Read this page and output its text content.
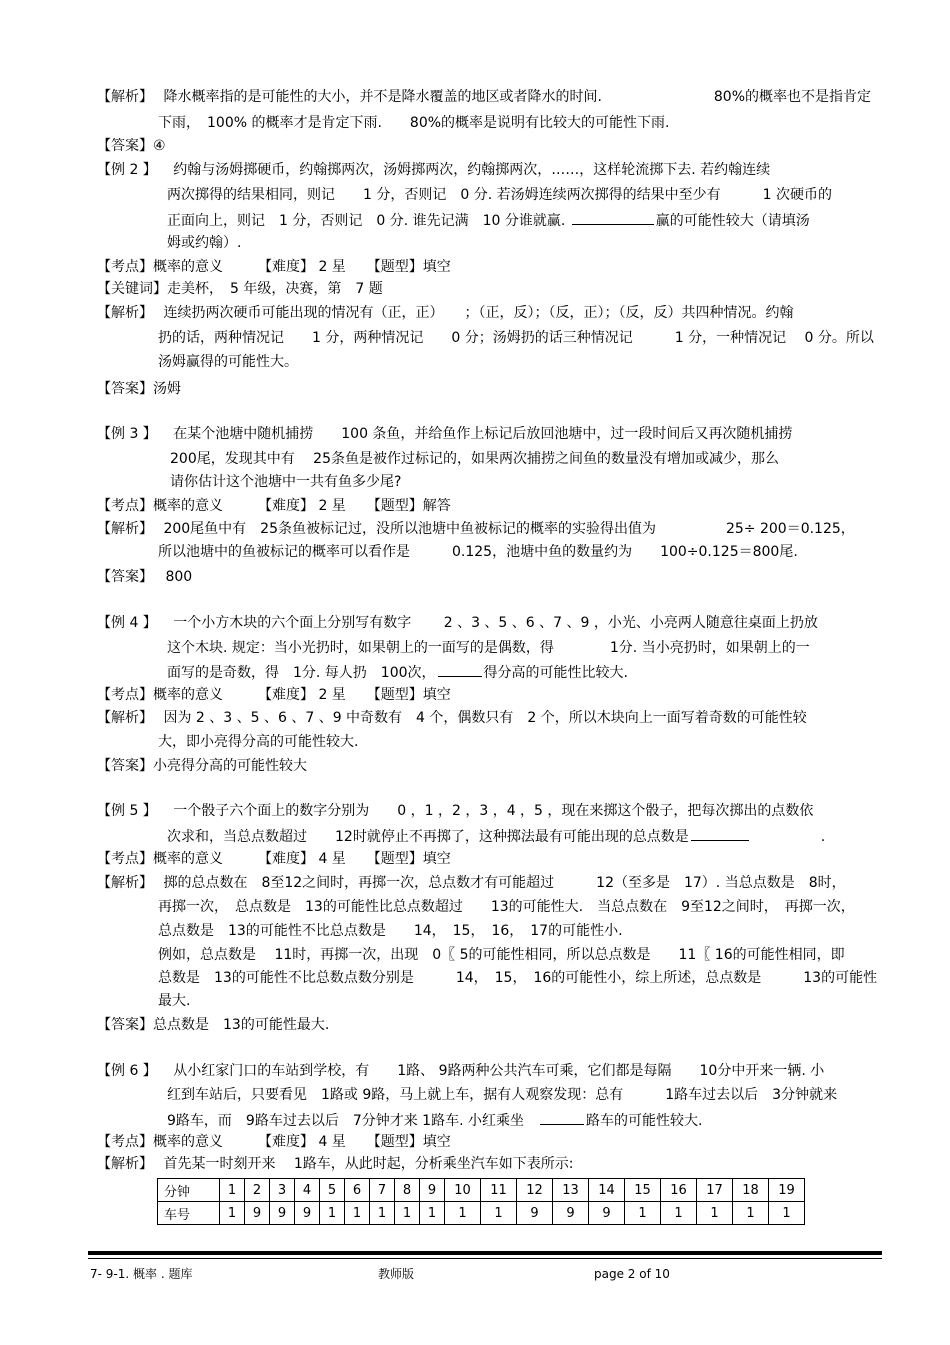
【解析】 降水概率指的是可能性的大小，并不是降水覆盖的地区或者降水的时间.　　　　　　　　80%的概率也不是指肯定
下雨，　100% 的概率才是肯定下雨.　　80%的概率是说明有比较大的可能性下雨.
【答案】④
【例 2 】 约翰与汤姆掷硬币，约翰掷两次，汤姆掷两次，约翰掷两次，……，这样轮流掷下去. 若约翰连续
两次掷得的结果相同，则记　　1 分，否则记　0 分. 若汤姆连续两次掷得的结果中至少有　　　1 次硬币的
正面向上，则记　1 分，否则记　0 分. 谁先记满　10 分谁就赢.	赢的可能性较大（请填汤
姆或约翰）.
【考点】概率的意义　　　【难度】 2 星　　【题型】填空
【关键词】走美杯，　5 年级，决赛，第　7 题
【解析】 连续扔两次硬币可能出现的情况有（正，正）　　；（正，反）；（反，正）；（反，反）共四种情况。约翰
扔的话，两种情况记　　1 分，两种情况记　　0 分；汤姆扔的话三种情况记　　　1 分，一种情况记　 0 分。所以
汤姆赢得的可能性大。
【答案】汤姆
【例 3 】 在某个池塘中随机捕捞　　100 条鱼，并给鱼作上标记后放回池塘中，过一段时间后又再次随机捕捞
200尾，发现其中有　 25条鱼是被作过标记的，如果两次捕捞之间鱼的数量没有增加或减少，那么
请你估计这个池塘中一共有鱼多少尾?
【考点】概率的意义　　　【难度】 2 星　　【题型】解答
【解析】 200尾鱼中有　25条鱼被标记过，没所以池塘中鱼被标记的概率的实验得出值为　　　　　25÷ 200＝0.125，
所以池塘中的鱼被标记的概率可以看作是　　　0.125，池塘中鱼的数量约为　　100÷0.125＝800尾.
【答案】 800
【例 4 】 一个小方木块的六个面上分别写有数字　　 2 、3 、5 、6 、7 、9 ，小光、小亮两人随意往桌面上扔放
这个木块. 规定：当小光扔时，如果朝上的一面写的是偶数，得　　　　1分. 当小亮扔时，如果朝上的一
面写的是奇数，得　1分. 每人扔　100次，	得分高的可能性比较大.
【考点】概率的意义　　　【难度】 2 星　　【题型】填空
【解析】 因为 2 、3 、5 、6 、7 、9 中奇数有　4 个，偶数只有　2 个，所以木块向上一面写着奇数的可能性较
大，即小亮得分高的可能性较大.
【答案】小亮得分高的可能性较大
【例 5 】 一个骰子六个面上的数字分别为　　0 ，1 ，2 ，3 ，4 ，5 ，现在来掷这个骰子，把每次掷出的点数依
次求和，当总点数超过　　12时就停止不再掷了，这种掷法最有可能出现的总点数是	　　　　　.
【考点】概率的意义　　　【难度】 4 星　　【题型】填空
【解析】 掷的总点数在　8至12之间时，再掷一次，总点数才有可能超过　　　12（至多是　17）. 当总点数是　8时，
再掷一次，　总点数是　13的可能性比总点数超过　　13的可能性大.　当总点数在　9至12之间时，　再掷一次，
总点数是　13的可能性不比总点数是　　14，　15，　16，　17的可能性小.
例如，总点数是　 11时，再掷一次，出现　0〖 5的可能性相同，所以总点数是　　11〖 16的可能性相同，即
总数是　13的可能性不比总数点数分别是　　　14，　15，　16的可能性小，综上所述，总点数是　　　13的可能性
最大.
【答案】总点数是　13的可能性最大.
【例 6 】 从小红家门口的车站到学校，有　　1路、 9路两种公共汽车可乘，它们都是每隔　　10分中开来一辆. 小
红到车站后，只要看见　1路或 9路，马上就上车，据有人观察发现：总有　　　1路车过去以后　3分钟就来
9路车，而　9路车过去以后　7分钟才来 1路车. 小红乘坐　	路车的可能性较大.
【考点】概率的意义　　　【难度】 4 星　　【题型】填空
【解析】 首先某一时刻开来　 1路车，从此时起，分析乘坐汽车如下表所示:
分钟	1	2	3	4	5	6	7	8	9	10	11	12	13	14	15	16	17	18	19
车号	1	9	9	9	1	1	1	1	1	1	1	9	9	9	1	1	1	1	1
7- 9-1. 概率 . 题库	教师版	page 2 of 10
